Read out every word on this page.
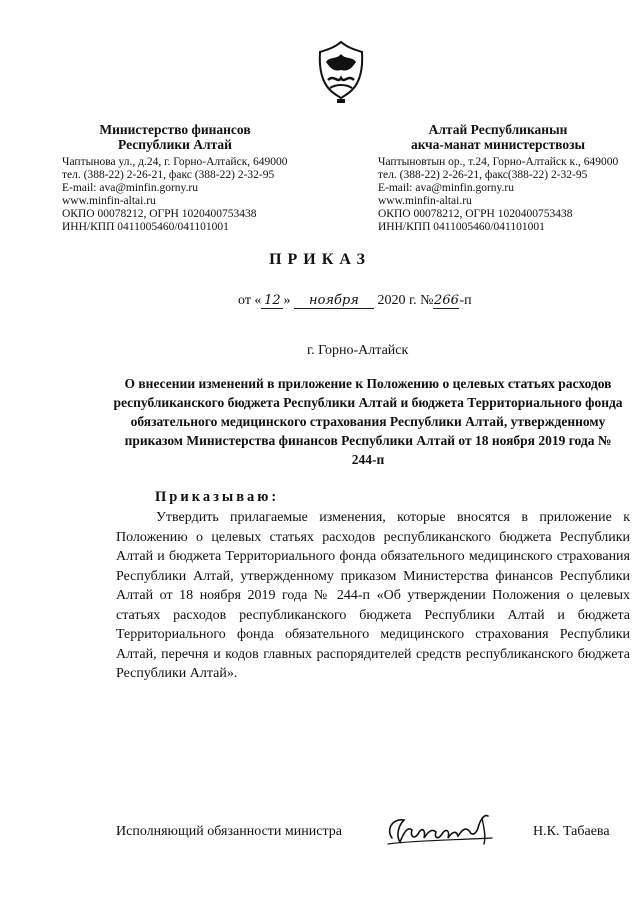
Министерство финансов
Республики Алтай
Чаптынова ул., д.24, г. Горно-Алтайск, 649000
тел. (388-22) 2-26-21, факс (388-22) 2-32-95
E-mail: ava@minfin.gorny.ru
www.minfin-altai.ru
ОКПО 00078212, ОГРН 1020400753438
ИНН/КПП 0411005460/041101001
Алтай Республиканын
акча-манат министерствозы
Чаптыновтын ор., т.24, Горно-Алтайск к., 649000
тел. (388-22) 2-26-21, факс(388-22) 2-32-95
E-mail: ava@minfin.gorny.ru
www.minfin-altai.ru
ОКПО 00078212, ОГРН 1020400753438
ИНН/КПП 0411005460/041101001
ПРИКАЗ
от « 12 » ноября 2020 г. №266-п
г. Горно-Алтайск
О внесении изменений в приложение к Положению о целевых статьях расходов республиканского бюджета Республики Алтай и бюджета Территориального фонда обязательного медицинского страхования Республики Алтай, утвержденному приказом Министерства финансов Республики Алтай от 18 ноября 2019 года № 244-п
Приказываю:
Утвердить прилагаемые изменения, которые вносятся в приложение к Положению о целевых статьях расходов республиканского бюджета Республики Алтай и бюджета Территориального фонда обязательного медицинского страхования Республики Алтай, утвержденному приказом Министерства финансов Республики Алтай от 18 ноября 2019 года № 244-п «Об утверждении Положения о целевых статьях расходов республиканского бюджета Республики Алтай и бюджета Территориального фонда обязательного медицинского страхования Республики Алтай, перечня и кодов главных распорядителей средств республиканского бюджета Республики Алтай».
Исполняющий обязанности министра	Н.К. Табаева
